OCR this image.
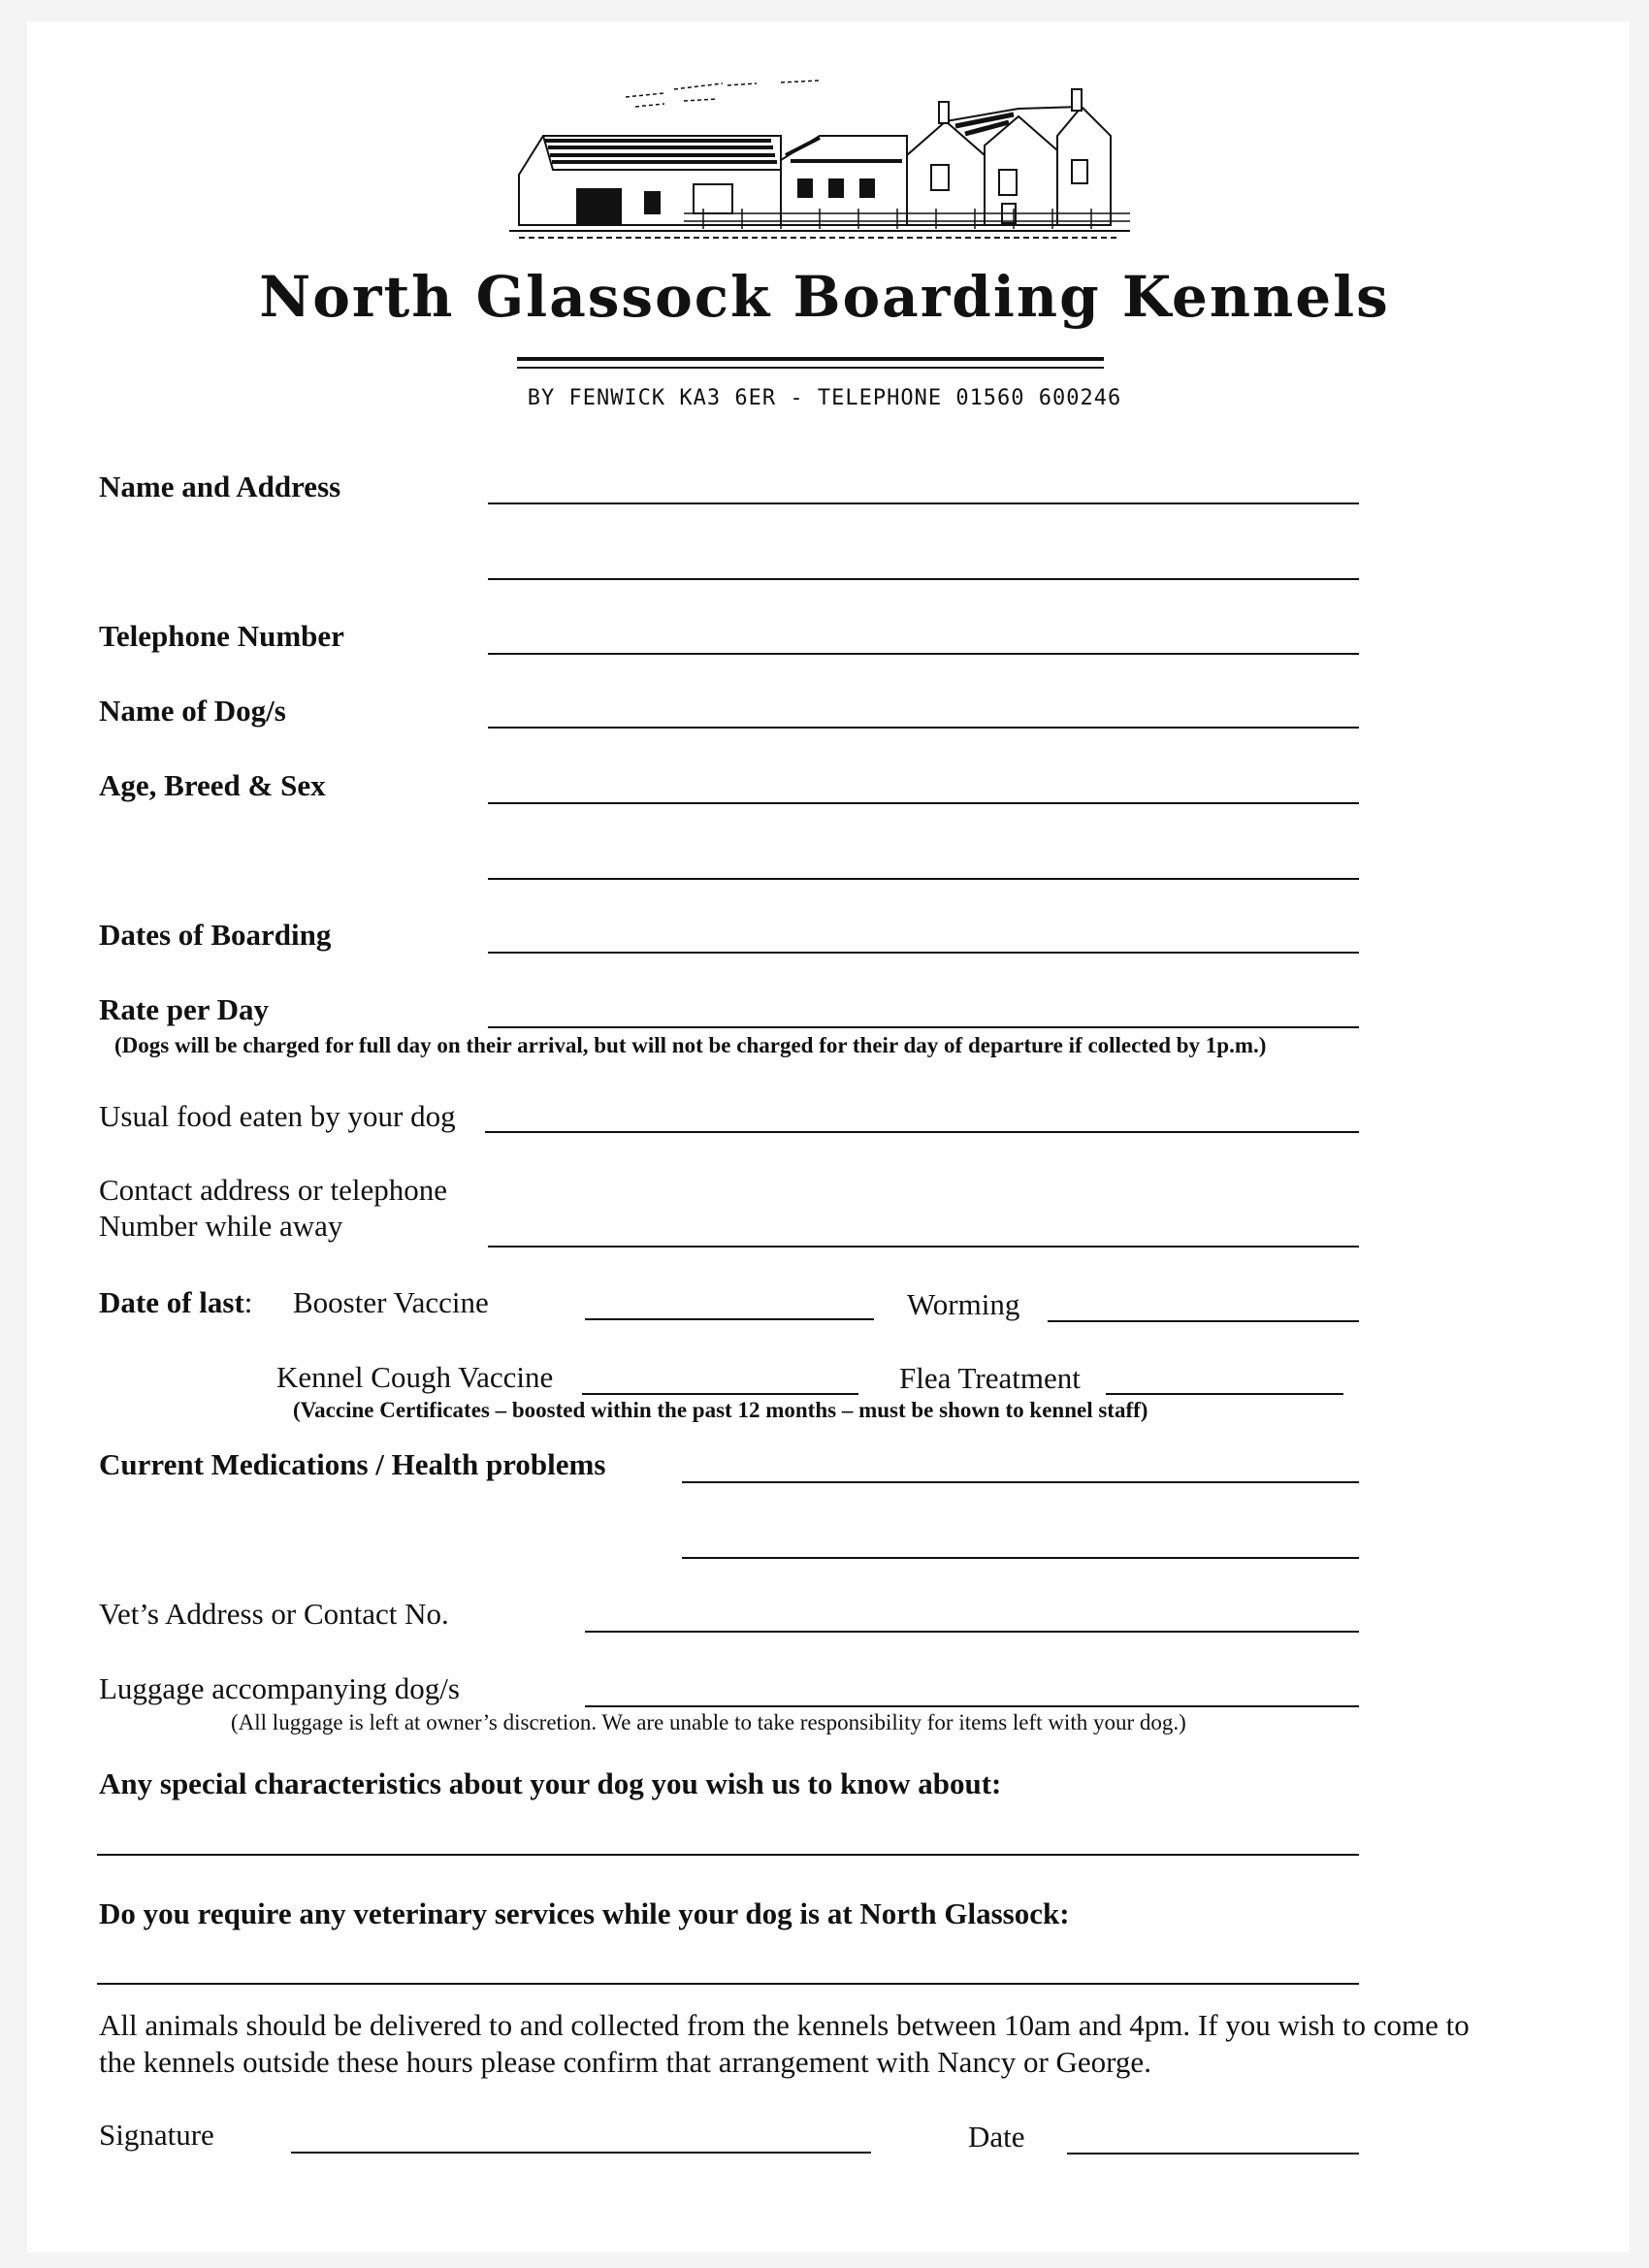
North Glassock Boarding Kennels
BY FENWICK KA3 6ER - TELEPHONE 01560 600246
Name and Address
Telephone Number
Name of Dog/s
Age, Breed & Sex
Dates of Boarding
Rate per Day
(Dogs will be charged for full day on their arrival, but will not be charged for their day of departure if collected by 1p.m.)
Usual food eaten by your dog
Contact address or telephone
Number while away
Date of last: Booster Vaccine	Worming
Kennel Cough Vaccine	Flea Treatment
(Vaccine Certificates – boosted within the past 12 months – must be shown to kennel staff)
Current Medications / Health problems
Vet’s Address or Contact No.
Luggage accompanying dog/s
(All luggage is left at owner’s discretion. We are unable to take responsibility for items left with your dog.)
Any special characteristics about your dog you wish us to know about:
Do you require any veterinary services while your dog is at North Glassock:
All animals should be delivered to and collected from the kennels between 10am and 4pm. If you wish to come to the kennels outside these hours please confirm that arrangement with Nancy or George.
Signature	Date
